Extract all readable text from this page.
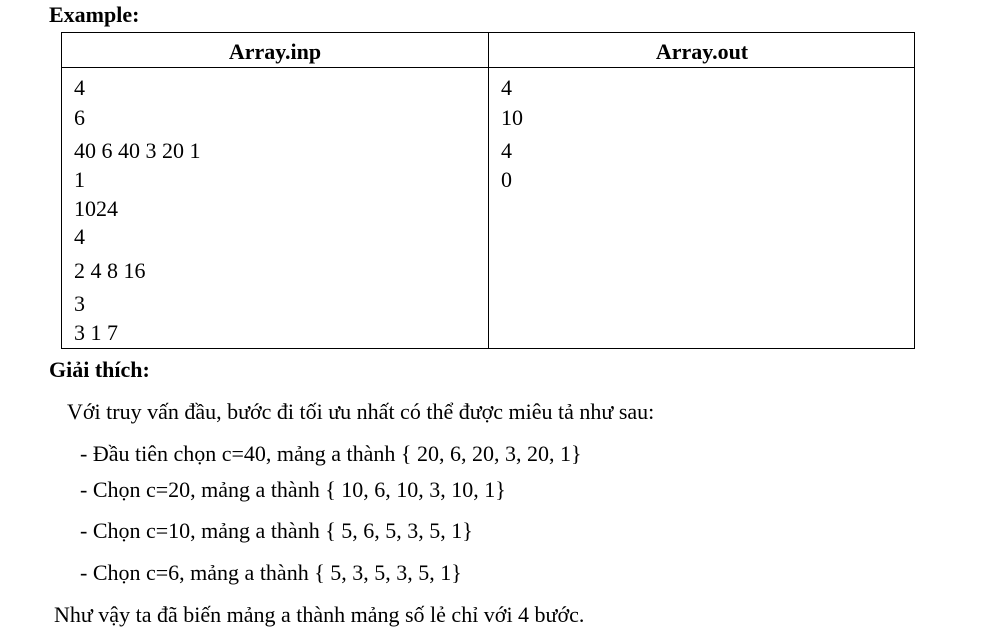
Example:
Array.inp	Array.out
4
6
40 6 40 3 20 1
1
1024
4
2 4 8 16
3
3 1 7
4
10
4
0
Giải thích:
Với truy vấn đầu, bước đi tối ưu nhất có thể được miêu tả như sau:
- Đầu tiên chọn c=40, mảng a thành { 20, 6, 20, 3, 20, 1}
- Chọn c=20, mảng a thành { 10, 6, 10, 3, 10, 1}
- Chọn c=10, mảng a thành { 5, 6, 5, 3, 5, 1}
- Chọn c=6, mảng a thành { 5, 3, 5, 3, 5, 1}
Như vậy ta đã biến mảng a thành mảng số lẻ chỉ với 4 bước.
